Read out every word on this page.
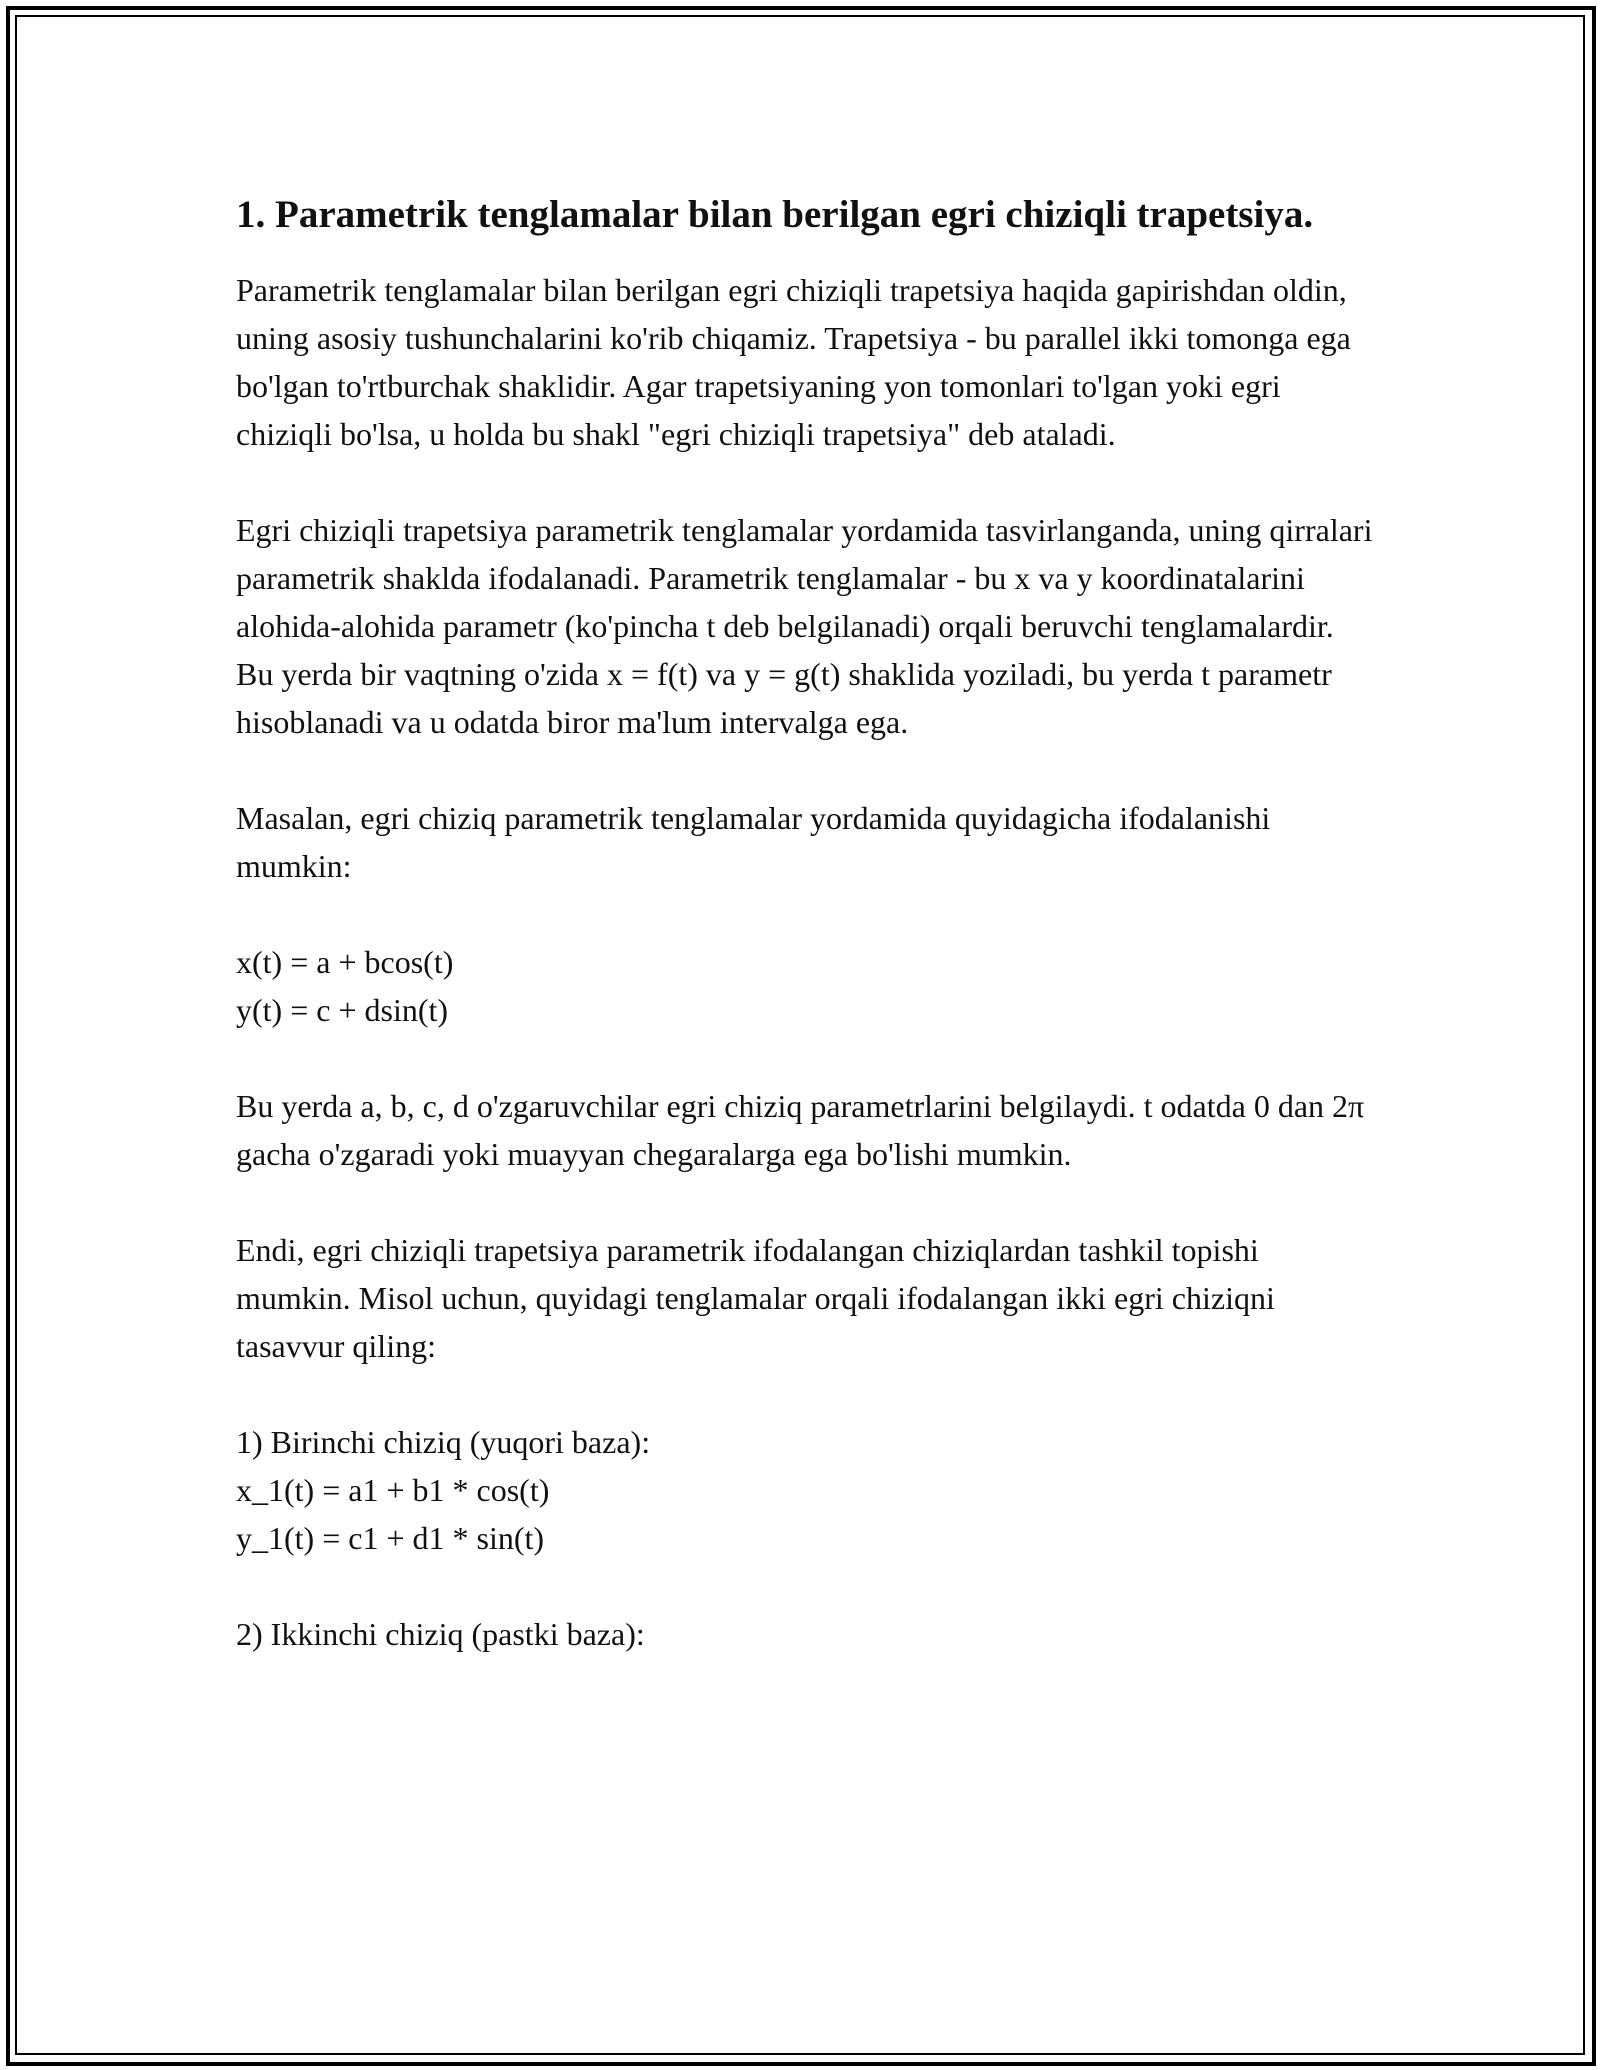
1. Parametrik tenglamalar bilan berilgan egri chiziqli trapetsiya.

Parametrik tenglamalar bilan berilgan egri chiziqli trapetsiya haqida gapirishdan oldin, uning asosiy tushunchalarini ko'rib chiqamiz. Trapetsiya - bu parallel ikki tomonga ega bo'lgan to'rtburchak shaklidir. Agar trapetsiyaning yon tomonlari to'lgan yoki egri chiziqli bo'lsa, u holda bu shakl "egri chiziqli trapetsiya" deb ataladi.

Egri chiziqli trapetsiya parametrik tenglamalar yordamida tasvirlanganda, uning qirralari parametrik shaklda ifodalanadi. Parametrik tenglamalar - bu x va y koordinatalarini alohida-alohida parametr (ko'pincha t deb belgilanadi) orqali beruvchi tenglamalardir. Bu yerda bir vaqtning o'zida x = f(t) va y = g(t) shaklida yoziladi, bu yerda t parametr hisoblanadi va u odatda biror ma'lum intervalga ega.

Masalan, egri chiziq parametrik tenglamalar yordamida quyidagicha ifodalanishi mumkin:

x(t) = a + bcos(t)
y(t) = c + dsin(t)

Bu yerda a, b, c, d o'zgaruvchilar egri chiziq parametrlarini belgilaydi. t odatda 0 dan 2π gacha o'zgaradi yoki muayyan chegaralarga ega bo'lishi mumkin.

Endi, egri chiziqli trapetsiya parametrik ifodalangan chiziqlardan tashkil topishi mumkin. Misol uchun, quyidagi tenglamalar orqali ifodalangan ikki egri chiziqni tasavvur qiling:

1) Birinchi chiziq (yuqori baza):
x_1(t) = a1 + b1 * cos(t)
y_1(t) = c1 + d1 * sin(t)

2) Ikkinchi chiziq (pastki baza):
